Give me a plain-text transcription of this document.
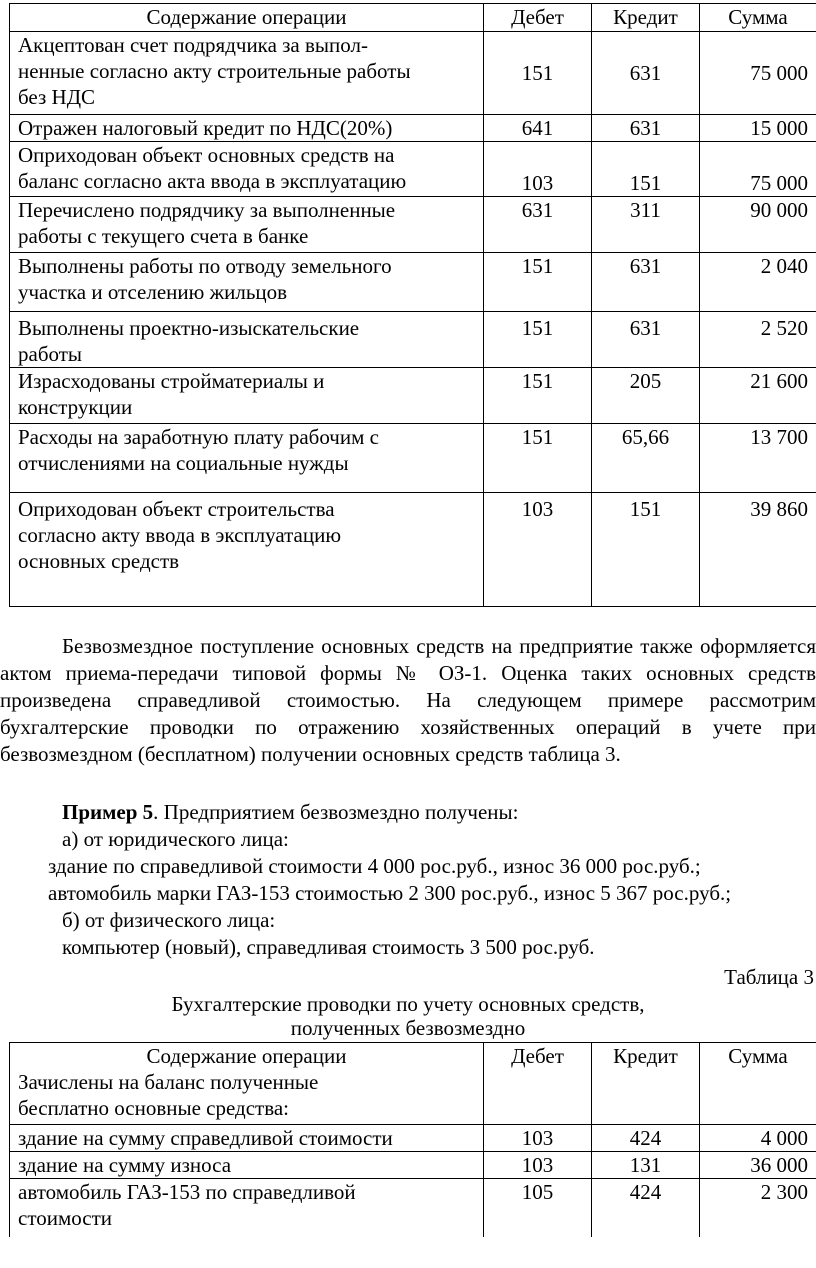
Содержание операции	Дебет	Кредит	Сумма
Акцептован счет подрядчика за выпол-
ненные согласно акту строительные работы
без НДС	151	631	75 000
Отражен налоговый кредит по НДС(20%)	641	631	15 000
Оприходован объект основных средств на
баланс согласно акта ввода в эксплуатацию	103	151	75 000
Перечислено подрядчику за выполненные
работы с текущего счета в банке	631	311	90 000
Выполнены работы по отводу земельного
участка и отселению жильцов	151	631	2 040
Выполнены проектно-изыскательские
работы	151	631	2 520
Израсходованы стройматериалы и
конструкции	151	205	21 600
Расходы на заработную плату рабочим с
отчислениями на социальные нужды	151	65,66	13 700
Оприходован объект строительства
согласно акту ввода в эксплуатацию
основных средств	103	151	39 860
Безвозмездное поступление основных средств на предприятие также оформляется актом приема-передачи типовой формы № ОЗ-1. Оценка таких основных средств произведена справедливой стоимостью. На следующем примере рассмотрим бухгалтерские проводки по отражению хозяйственных операций в учете при безвозмездном (бесплатном) получении основных средств таблица 3.
Пример 5. Предприятием безвозмездно получены:
а) от юридического лица:
здание по справедливой стоимости 4 000 рос.руб., износ 36 000 рос.руб.;
автомобиль марки ГАЗ-153 стоимостью 2 300 рос.руб., износ 5 367 рос.руб.;
б) от физического лица:
компьютер (новый), справедливая стоимость 3 500 рос.руб.
Таблица 3
Бухгалтерские проводки по учету основных средств,
полученных безвозмездно
Содержание операции
Зачислены на баланс полученные
бесплатно основные средства:	Дебет	Кредит	Сумма
здание на сумму справедливой стоимости	103	424	4 000
здание на сумму износа	103	131	36 000
автомобиль ГАЗ-153 по справедливой
стоимости	105	424	2 300
